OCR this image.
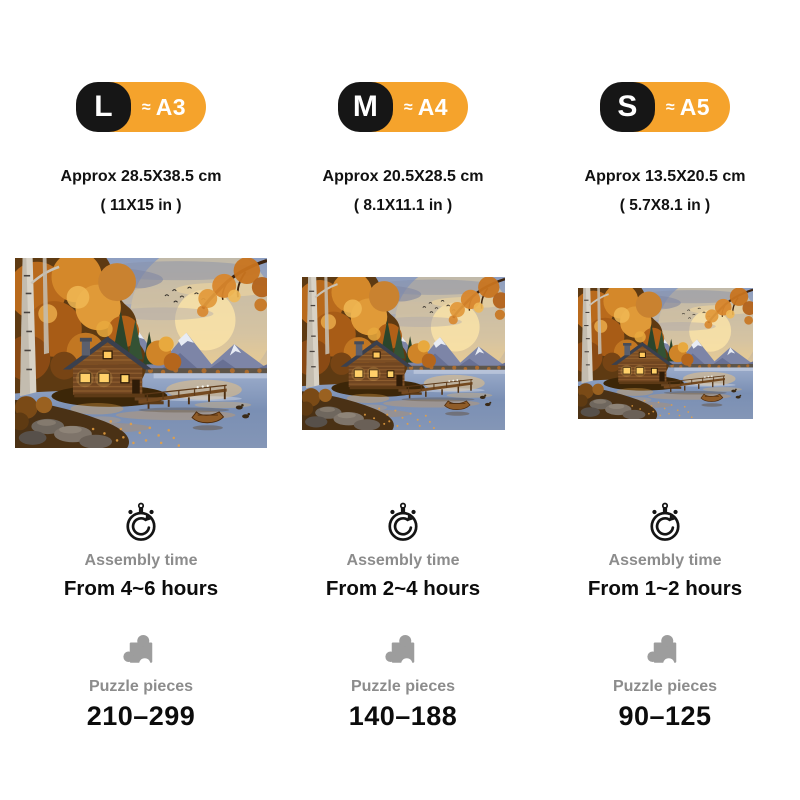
L ≈ A3
Approx 28.5X38.5 cm
( 11X15 in )
Assembly time
From 4~6 hours
Puzzle pieces
210–299
M ≈ A4
Approx 20.5X28.5 cm
( 8.1X11.1 in )
Assembly time
From 2~4 hours
Puzzle pieces
140–188
S ≈ A5
Approx 13.5X20.5 cm
( 5.7X8.1 in )
Assembly time
From 1~2 hours
Puzzle pieces
90–125
